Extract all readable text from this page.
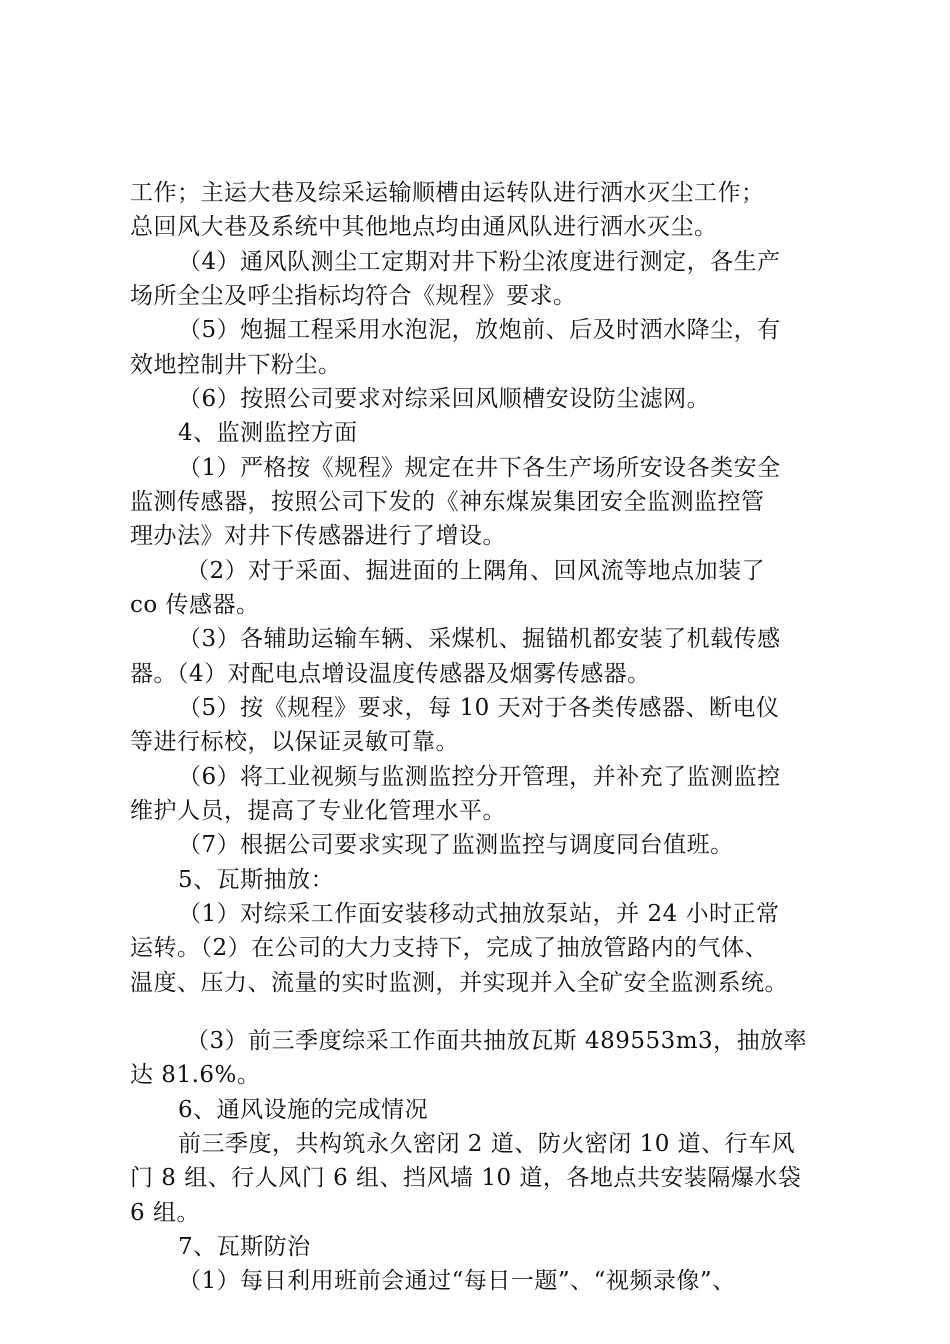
工作；主运大巷及综采运输顺槽由运转队进行洒水灭尘工作；
总回风大巷及系统中其他地点均由通风队进行洒水灭尘。
（4）通风队测尘工定期对井下粉尘浓度进行测定，各生产
场所全尘及呼尘指标均符合《规程》要求。
（5）炮掘工程采用水泡泥，放炮前、后及时洒水降尘，有
效地控制井下粉尘。
（6）按照公司要求对综采回风顺槽安设防尘滤网。
4、监测监控方面
（1）严格按《规程》规定在井下各生产场所安设各类安全
监测传感器，按照公司下发的《神东煤炭集团安全监测监控管
理办法》对井下传感器进行了增设。
（2）对于采面、掘进面的上隅角、回风流等地点加装了
co 传感器。
（3）各辅助运输车辆、采煤机、掘锚机都安装了机载传感
器。（4）对配电点增设温度传感器及烟雾传感器。
（5）按《规程》要求，每 10 天对于各类传感器、断电仪
等进行标校，以保证灵敏可靠。
（6）将工业视频与监测监控分开管理，并补充了监测监控
维护人员，提高了专业化管理水平。
（7）根据公司要求实现了监测监控与调度同台值班。
5、瓦斯抽放：
（1）对综采工作面安装移动式抽放泵站，并 24 小时正常
运转。（2）在公司的大力支持下，完成了抽放管路内的气体、
温度、压力、流量的实时监测，并实现并入全矿安全监测系统。
（3）前三季度综采工作面共抽放瓦斯 489553m3，抽放率
达 81.6%。
6、通风设施的完成情况
前三季度，共构筑永久密闭 2 道、防火密闭 10 道、行车风
门 8 组、行人风门 6 组、挡风墙 10 道，各地点共安装隔爆水袋
6 组。
7、瓦斯防治
（1）每日利用班前会通过“每日一题”、“视频录像”、
